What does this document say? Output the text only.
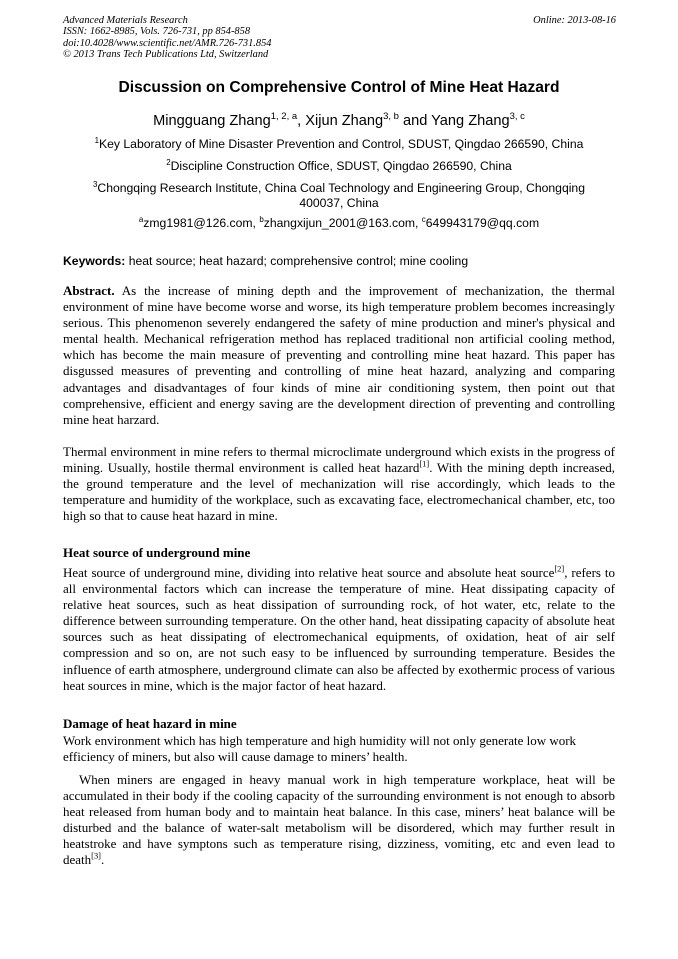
Advanced Materials Research
ISSN: 1662-8985, Vols. 726-731, pp 854-858
doi:10.4028/www.scientific.net/AMR.726-731.854
© 2013 Trans Tech Publications Ltd, Switzerland
Online: 2013-08-16
Discussion on Comprehensive Control of Mine Heat Hazard
Mingguang Zhang$^{1, 2, a}$, Xijun Zhang$^{3, b}$ and Yang Zhang$^{3, c}$
$^1$Key Laboratory of Mine Disaster Prevention and Control, SDUST, Qingdao 266590, China
$^2$Discipline Construction Office, SDUST, Qingdao 266590, China
$^3$Chongqing Research Institute, China Coal Technology and Engineering Group, Chongqing 400037, China
$^a$zmg1981@126.com, $^b$zhangxijun_2001@163.com, $^c$649943179@qq.com
Keywords: heat source; heat hazard; comprehensive control; mine cooling

Abstract. As the increase of mining depth and the improvement of mechanization, the thermal environment of mine have become worse and worse, its high temperature problem becomes increasingly serious. This phenomenon severely endangered the safety of mine production and miner's physical and mental health. Mechanical refrigeration method has replaced traditional non artificial cooling method, which has become the main measure of preventing and controlling mine heat hazard. This paper has disgussed measures of preventing and controlling of mine heat hazard, analyzing and comparing advantages and disadvantages of four kinds of mine air conditioning system, then point out that comprehensive, efficient and energy saving are the development direction of preventing and controlling mine heat harzard.

Thermal environment in mine refers to thermal microclimate underground which exists in the progress of mining. Usually, hostile thermal environment is called heat hazard[1]. With the mining depth increased, the ground temperature and the level of mechanization will rise accordingly, which leads to the temperature and humidity of the workplace, such as excavating face, electromechanical chamber, etc, too high so that to cause heat hazard in mine.

Heat source of underground mine

Heat source of underground mine, dividing into relative heat source and absolute heat source[2], refers to all environmental factors which can increase the temperature of mine. Heat dissipating capacity of relative heat sources, such as heat dissipation of surrounding rock, of hot water, etc, relate to the difference between surrounding temperature. On the other hand, heat dissipating capacity of absolute heat sources such as heat dissipating of electromechanical equipments, of oxidation, heat of air self compression and so on, are not such easy to be influenced by surrounding temperature. Besides the influence of earth atmosphere, underground climate can also be affected by exothermic process of various heat sources in mine, which is the major factor of heat hazard.

Damage of heat hazard in mine
Work environment which has high temperature and high humidity will not only generate low work
efficiency of miners, but also will cause damage to miners’ health.

When miners are engaged in heavy manual work in high temperature workplace, heat will be accumulated in their body if the cooling capacity of the surrounding environment is not enough to absorb heat released from human body and to maintain heat balance. In this case, miners’ heat balance will be disturbed and the balance of water-salt metabolism will be disordered, which may further result in heatstroke and have symptons such as temperature rising, dizziness, vomiting, etc and even lead to death[3].
